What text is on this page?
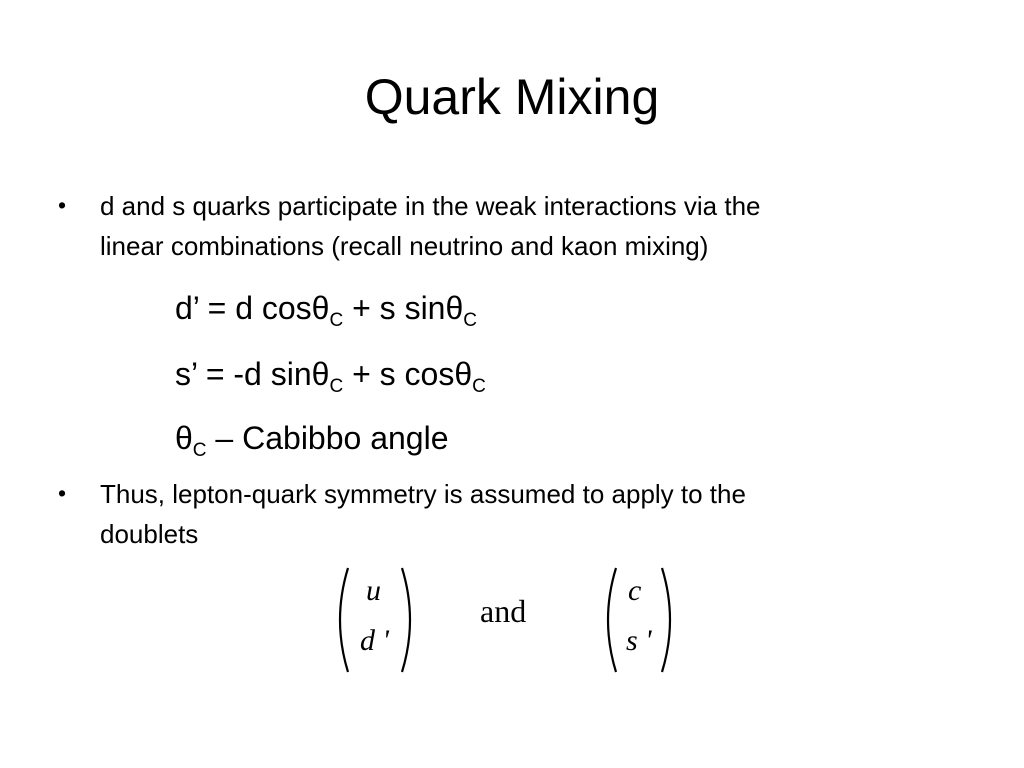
Quark Mixing
• d and s quarks participate in the weak interactions via the
linear combinations (recall neutrino and kaon mixing)
d’ = d cosθ$_C$ + s sinθ$_C$
s’ = -d sinθ$_C$ + s cosθ$_C$
$\theta_C$ – Cabibbo angle
• Thus, lepton-quark symmetry is assumed to apply to the
doublets
u
d '
and
c
s '
